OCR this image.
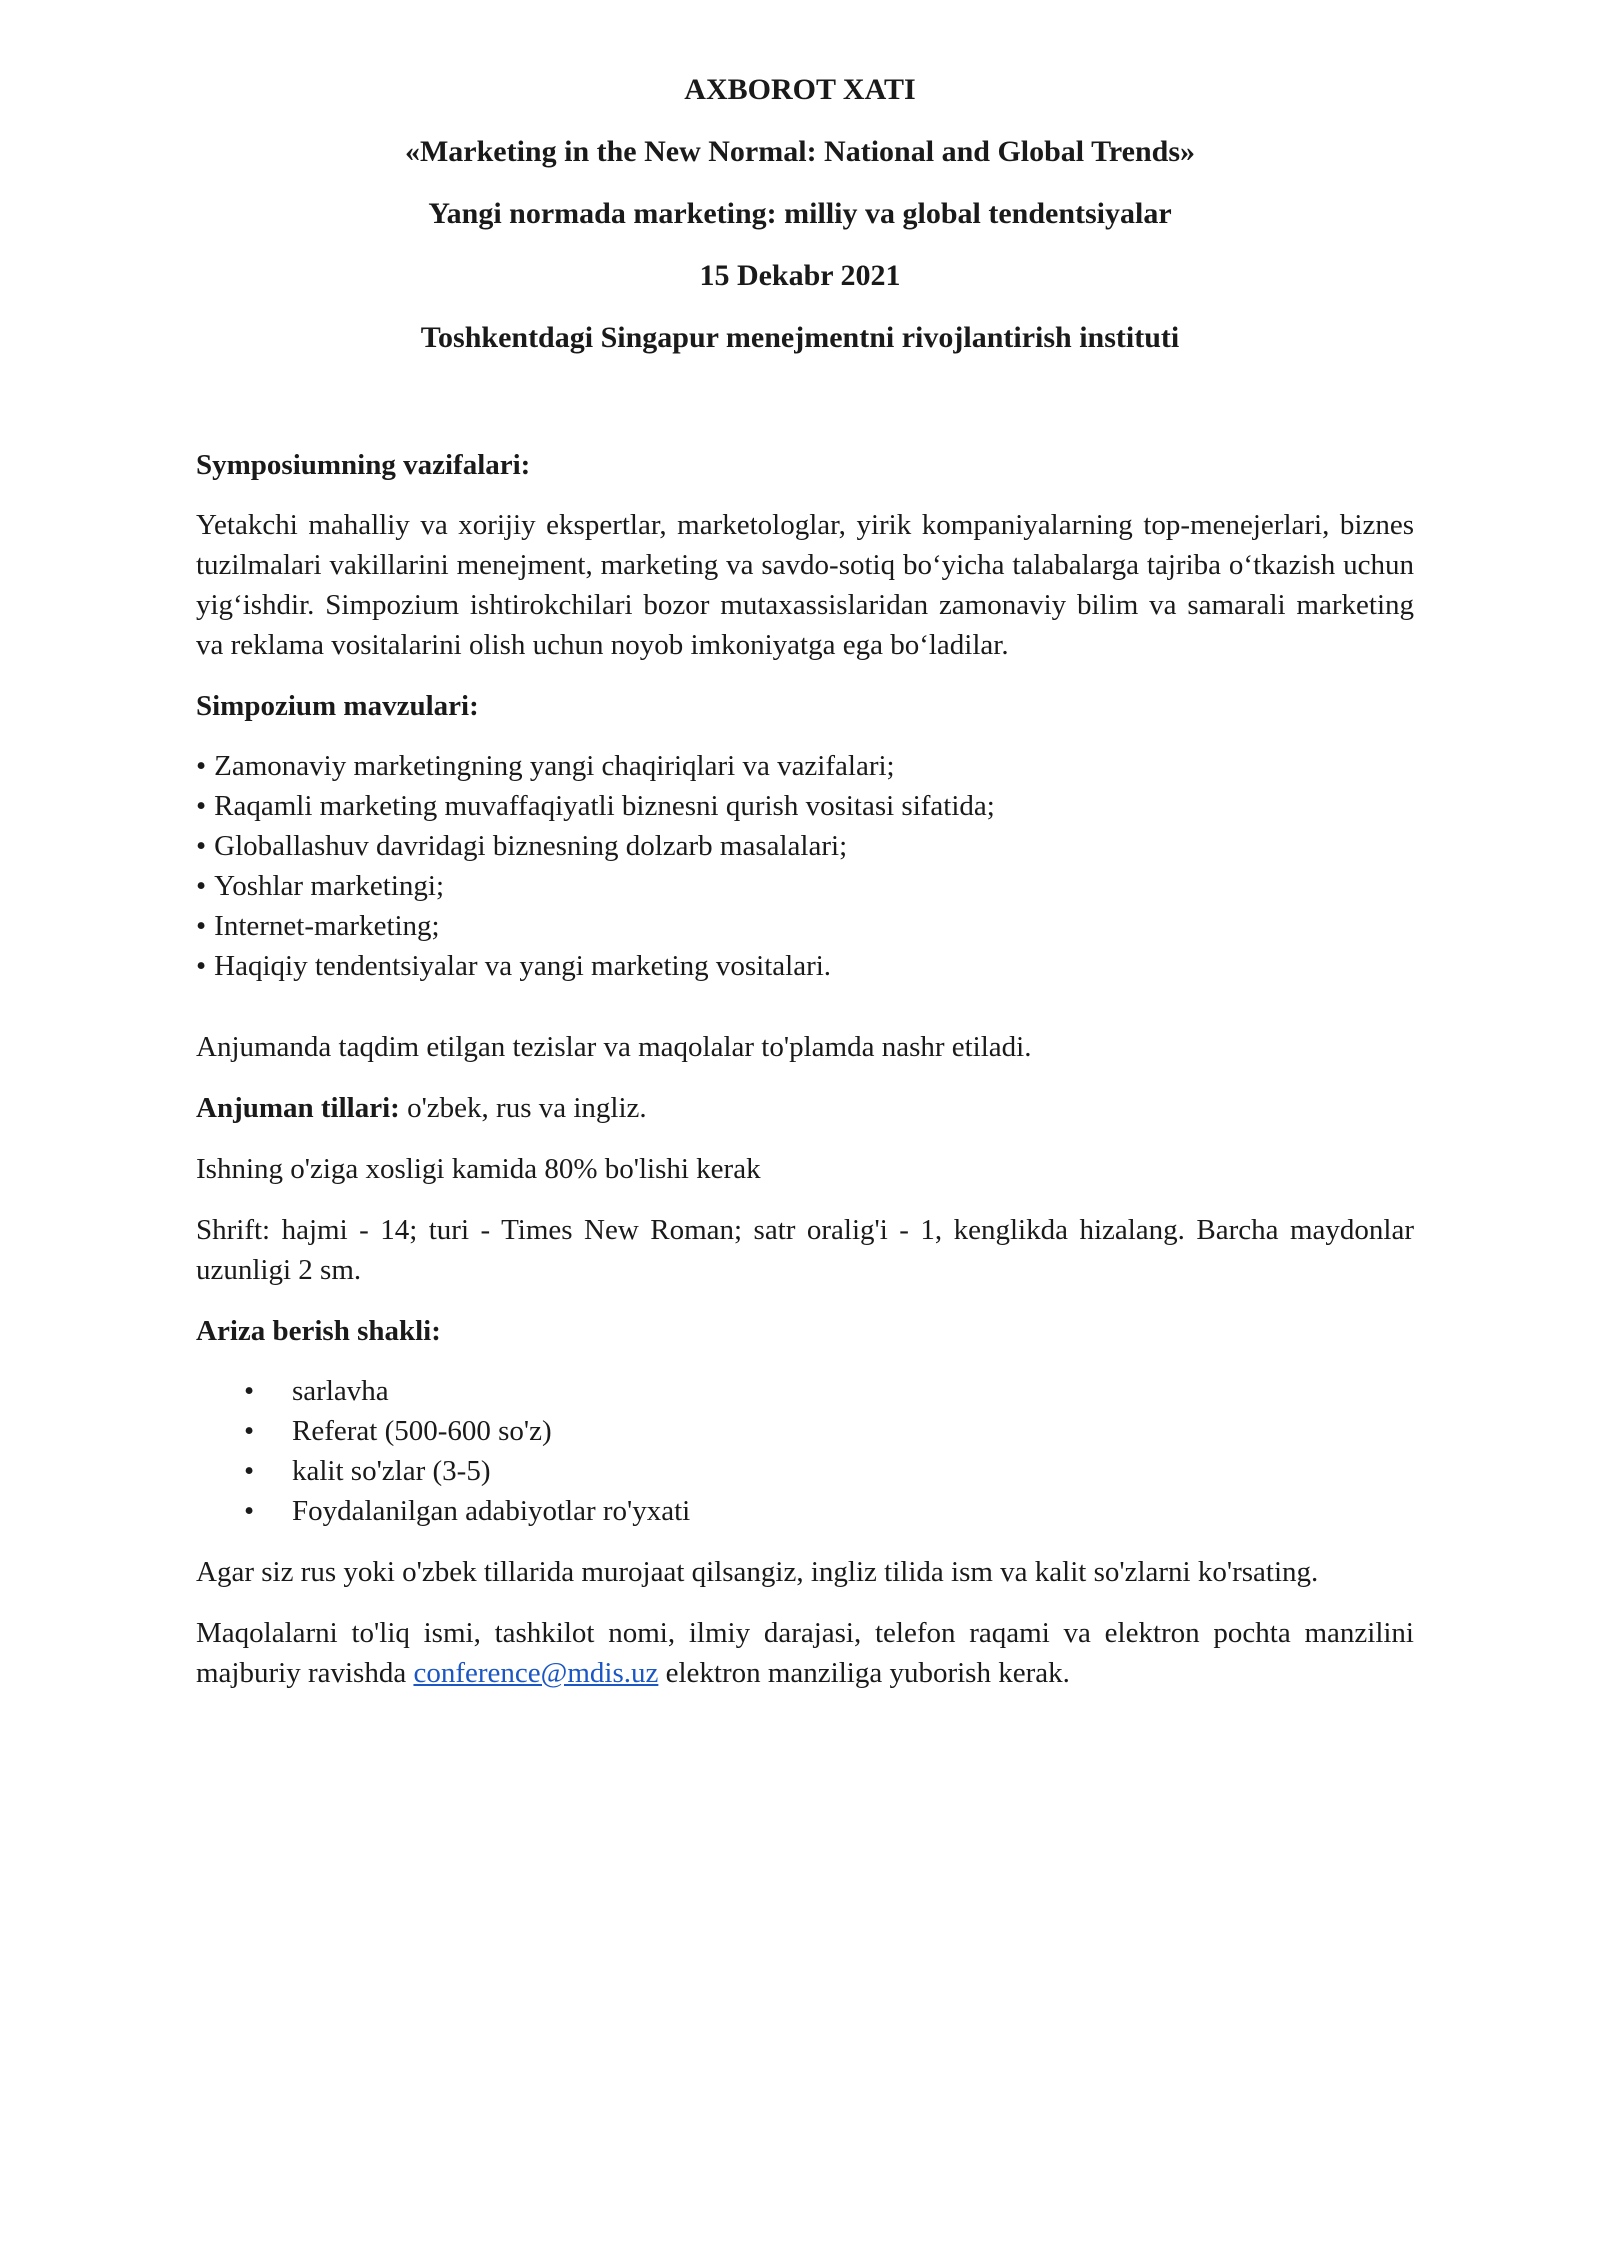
AXBOROT XATI
«Marketing in the New Normal: National and Global Trends»
Yangi normada marketing: milliy va global tendentsiyalar
15 Dekabr 2021
Toshkentdagi Singapur menejmentni rivojlantirish instituti

Symposiumning vazifalari:

Yetakchi mahalliy va xorijiy ekspertlar, marketologlar, yirik kompaniyalarning top-menejerlari, biznes tuzilmalari vakillarini menejment, marketing va savdo-sotiq bo‘yicha talabalarga tajriba o‘tkazish uchun yig‘ishdir. Simpozium ishtirokchilari bozor mutaxassislaridan zamonaviy bilim va samarali marketing va reklama vositalarini olish uchun noyob imkoniyatga ega bo‘ladilar.

Simpozium mavzulari:

• Zamonaviy marketingning yangi chaqiriqlari va vazifalari;
• Raqamli marketing muvaffaqiyatli biznesni qurish vositasi sifatida;
• Globallashuv davridagi biznesning dolzarb masalalari;
• Yoshlar marketingi;
• Internet-marketing;
• Haqiqiy tendentsiyalar va yangi marketing vositalari.

Anjumanda taqdim etilgan tezislar va maqolalar to'plamda nashr etiladi.

Anjuman tillari: o'zbek, rus va ingliz.

Ishning o'ziga xosligi kamida 80% bo'lishi kerak

Shrift: hajmi - 14; turi - Times New Roman; satr oralig'i - 1, kenglikda hizalang. Barcha maydonlar uzunligi 2 sm.

Ariza berish shakli:

• sarlavha
• Referat (500-600 so'z)
• kalit so'zlar (3-5)
• Foydalanilgan adabiyotlar ro'yxati

Agar siz rus yoki o'zbek tillarida murojaat qilsangiz, ingliz tilida ism va kalit so'zlarni ko'rsating.

Maqolalarni to'liq ismi, tashkilot nomi, ilmiy darajasi, telefon raqami va elektron pochta manzilini majburiy ravishda conference@mdis.uz elektron manziliga yuborish kerak.
